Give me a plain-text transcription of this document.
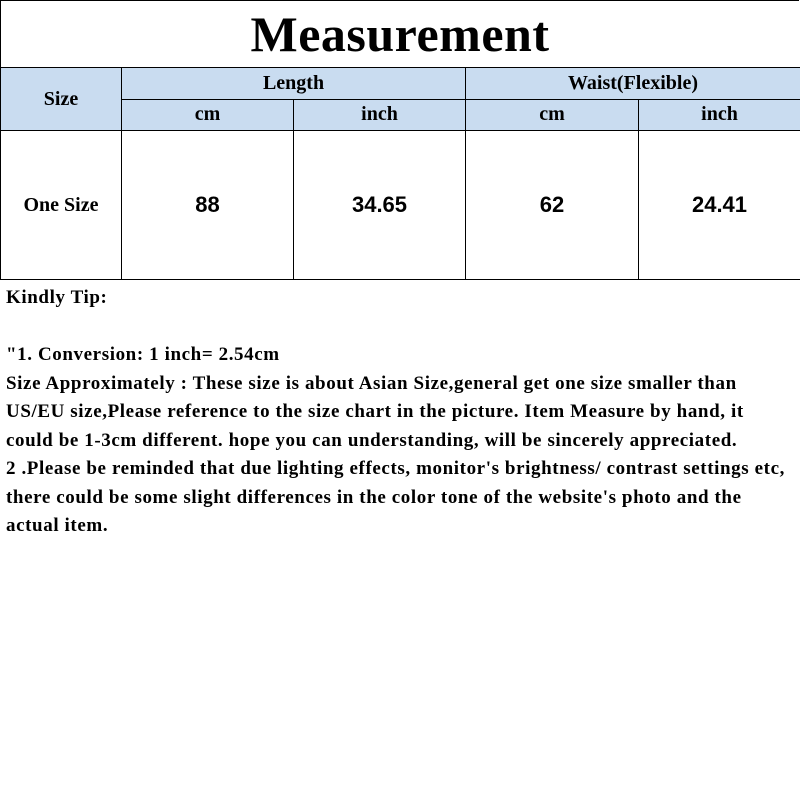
Measurement
Size	Length		Waist(Flexible)	
	cm	inch	cm	inch
One Size	88	34.65	62	24.41

Kindly Tip:

"1. Conversion: 1 inch= 2.54cm

Size Approximately : These size is about Asian Size,general get one size smaller than US/EU size,Please reference to the size chart in the picture. Item Measure by hand, it could be 1-3cm different. hope you can understanding, will be sincerely appreciated.

2 .Please be reminded that due lighting effects, monitor's brightness/ contrast settings etc, there could be some slight differences in the color tone of the website's photo and the actual item.
